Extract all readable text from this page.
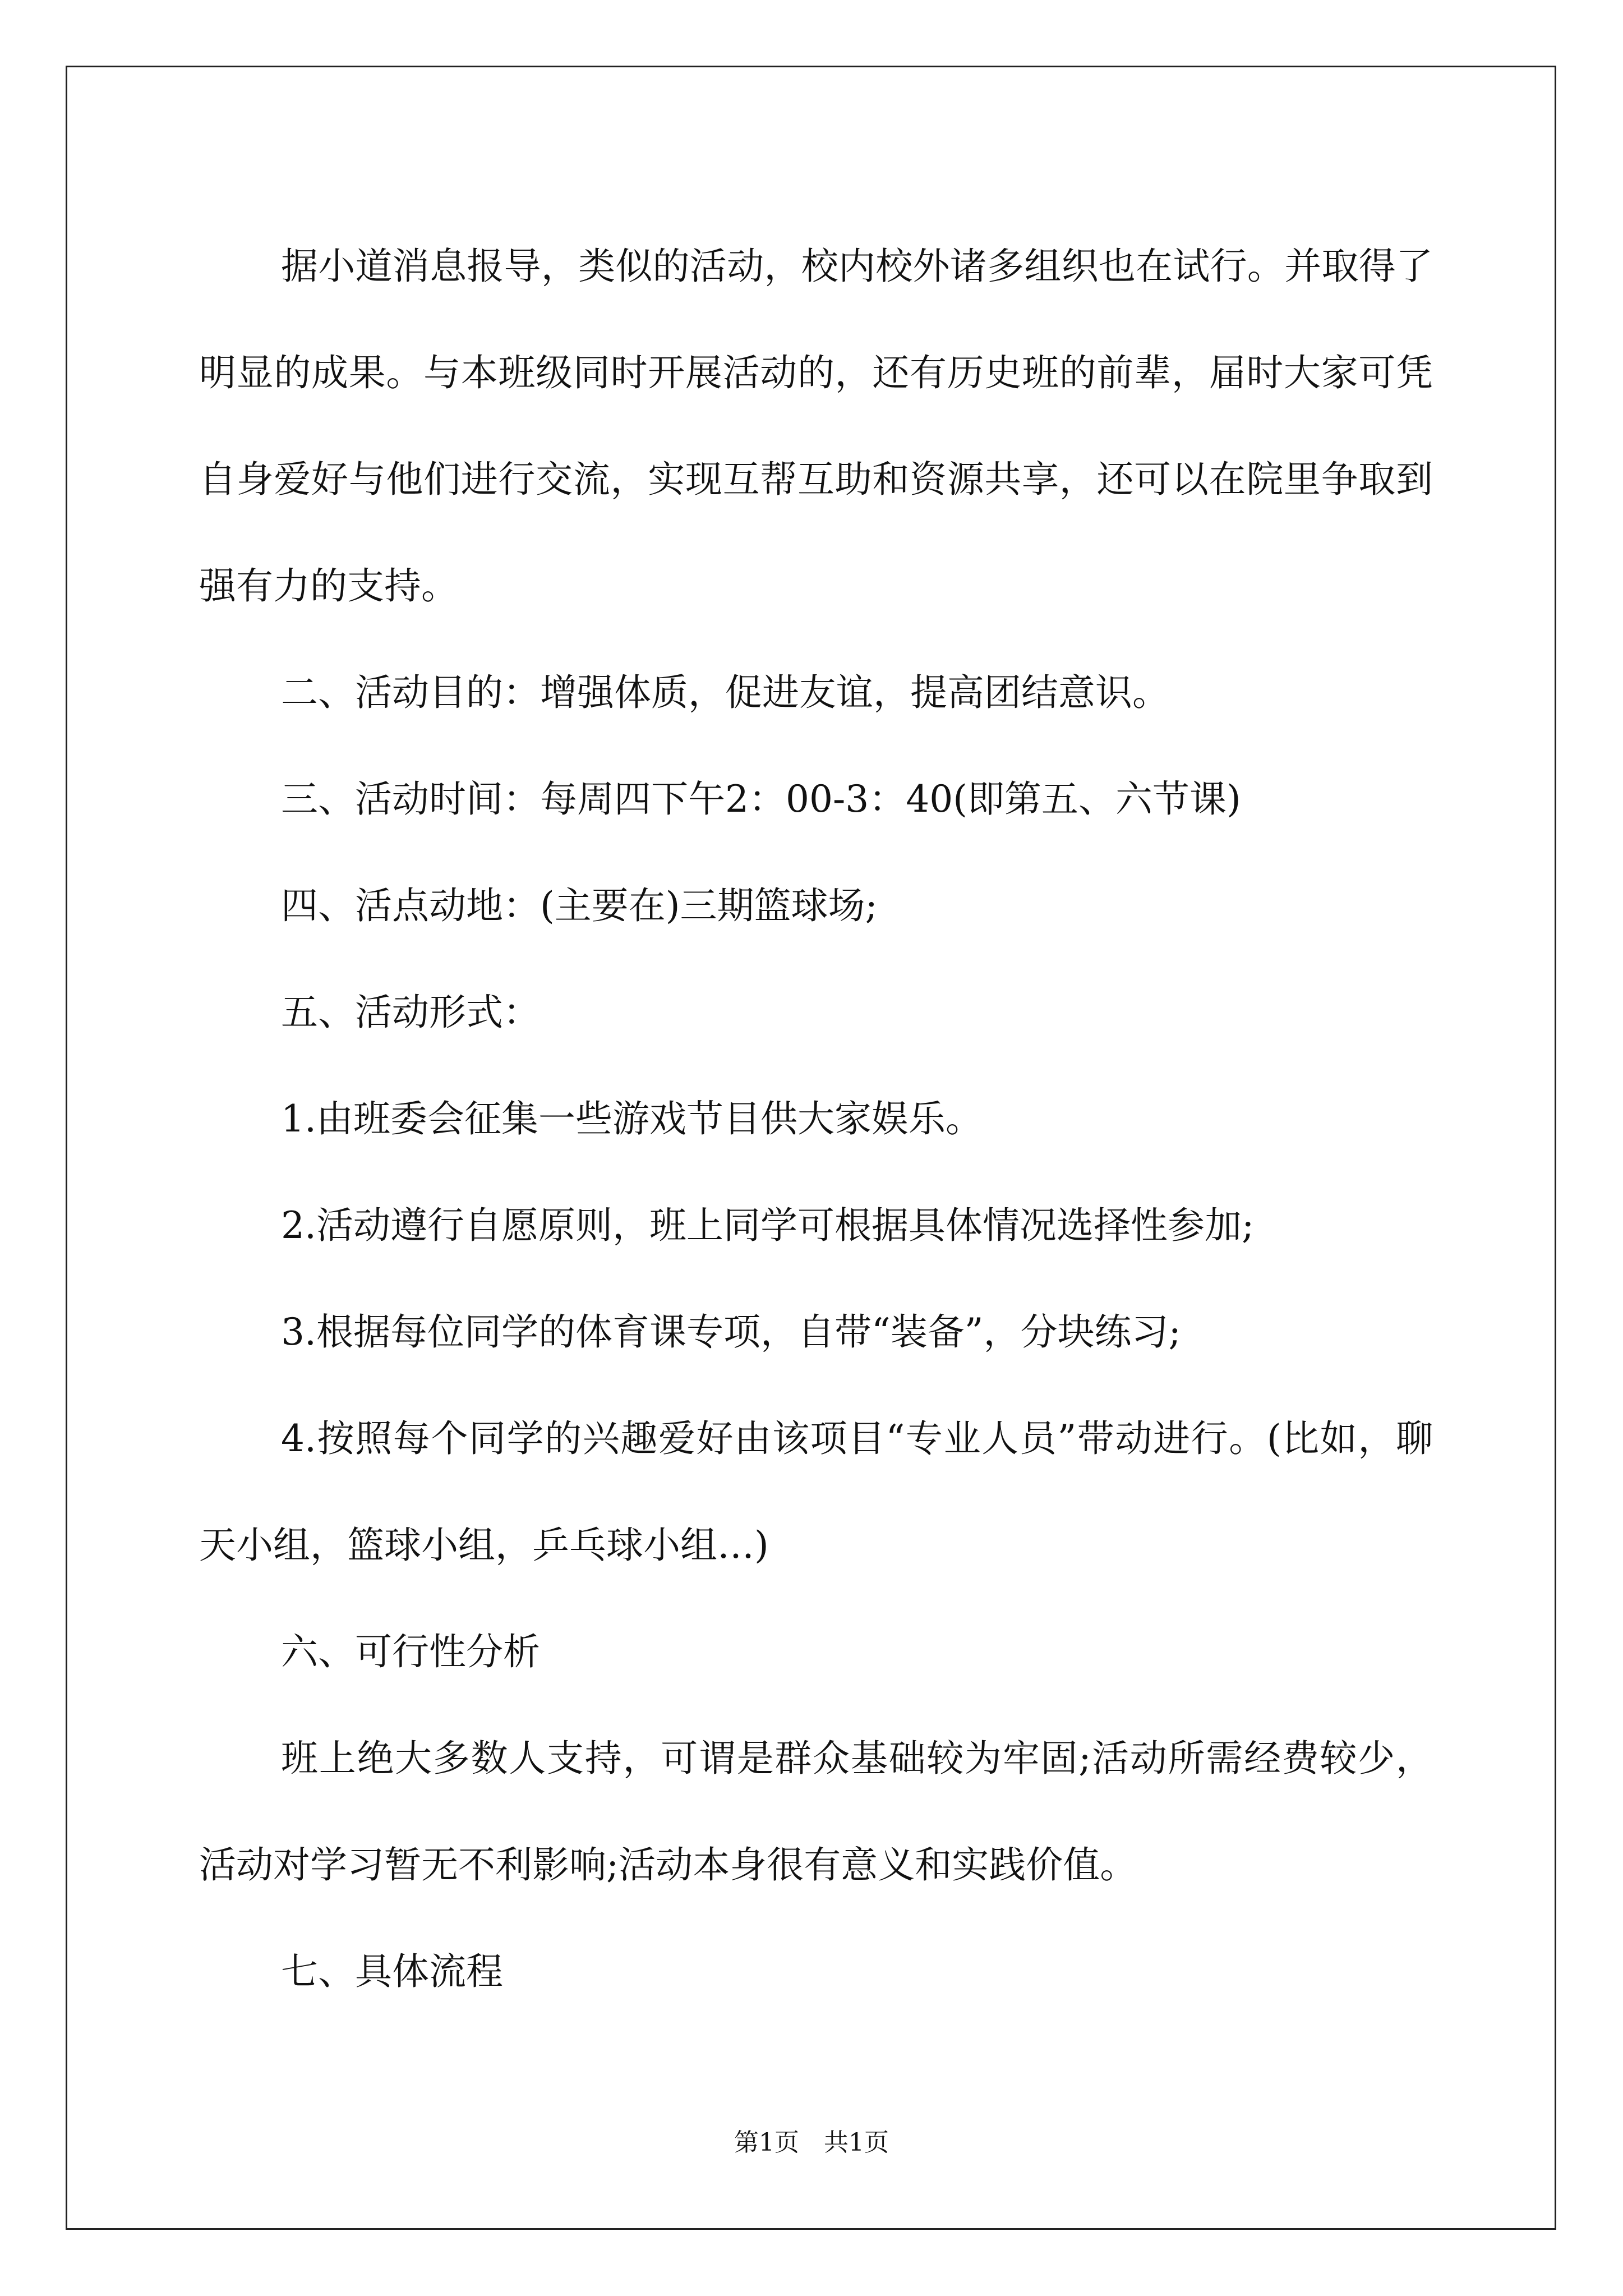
据小道消息报导，类似的活动，校内校外诸多组织也在试行。并取得了明显的成果。与本班级同时开展活动的，还有历史班的前辈，届时大家可凭自身爱好与他们进行交流，实现互帮互助和资源共享，还可以在院里争取到强有力的支持。

二、活动目的：增强体质，促进友谊，提高团结意识。

三、活动时间：每周四下午2：00-3：40(即第五、六节课)

四、活点动地：(主要在)三期篮球场;

五、活动形式：

1.由班委会征集一些游戏节目供大家娱乐。

2.活动遵行自愿原则，班上同学可根据具体情况选择性参加;

3.根据每位同学的体育课专项，自带“装备”，分块练习;

4.按照每个同学的兴趣爱好由该项目“专业人员”带动进行。(比如，聊天小组，篮球小组，乒乓球小组…)

六、可行性分析

班上绝大多数人支持，可谓是群众基础较为牢固;活动所需经费较少，活动对学习暂无不利影响;活动本身很有意义和实践价值。

七、具体流程

第1页　共1页
